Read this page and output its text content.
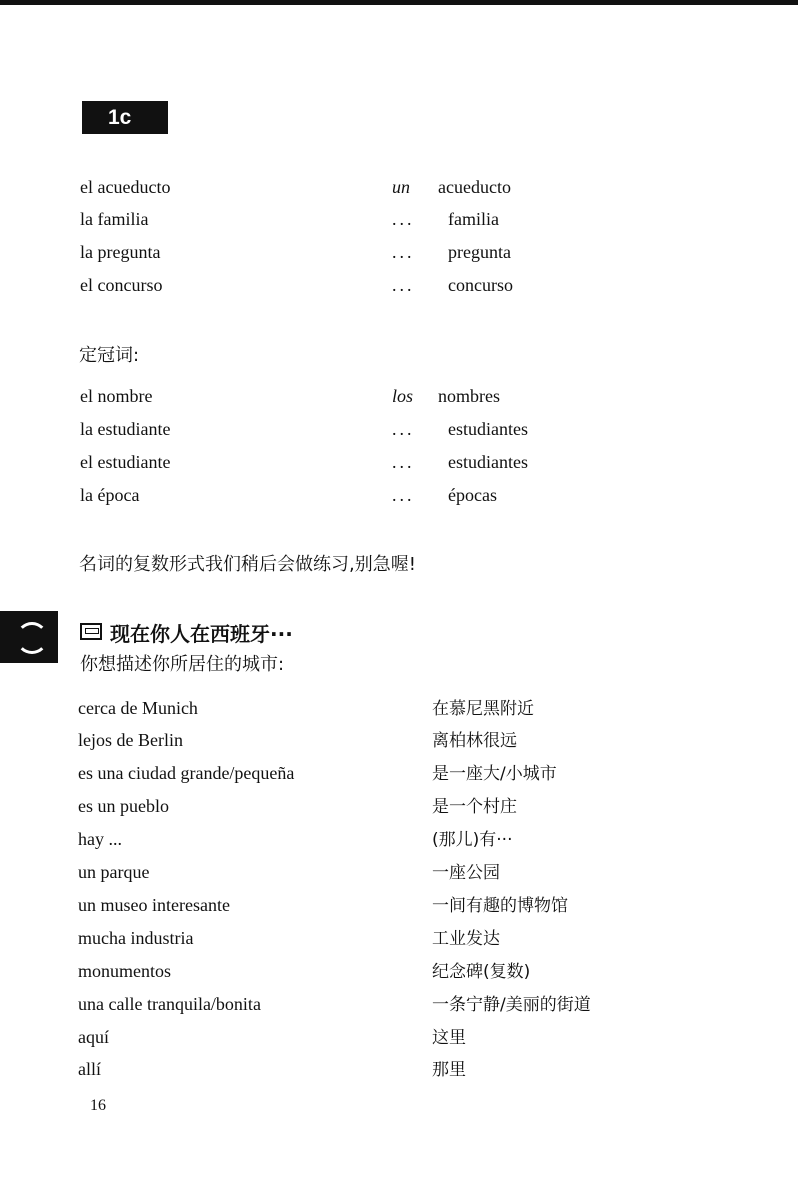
1c
el acueducto	un acueducto
la familia	... familia
la pregunta	... pregunta
el concurso	... concurso
定冠词:
el nombre	los nombres
la estudiante	... estudiantes
el estudiante	... estudiantes
la época	... épocas
名词的复数形式我们稍后会做练习,别急喔!
现在你人在西班牙···
你想描述你所居住的城市:
cerca de Munich	在慕尼黑附近
lejos de Berlin	离柏林很远
es una ciudad grande/pequeña	是一座大/小城市
es un pueblo	是一个村庄
hay ...	(那儿)有···
un parque	一座公园
un museo interesante	一间有趣的博物馆
mucha industria	工业发达
monumentos	纪念碑(复数)
una calle tranquila/bonita	一条宁静/美丽的街道
aquí	这里
allí	那里
16
